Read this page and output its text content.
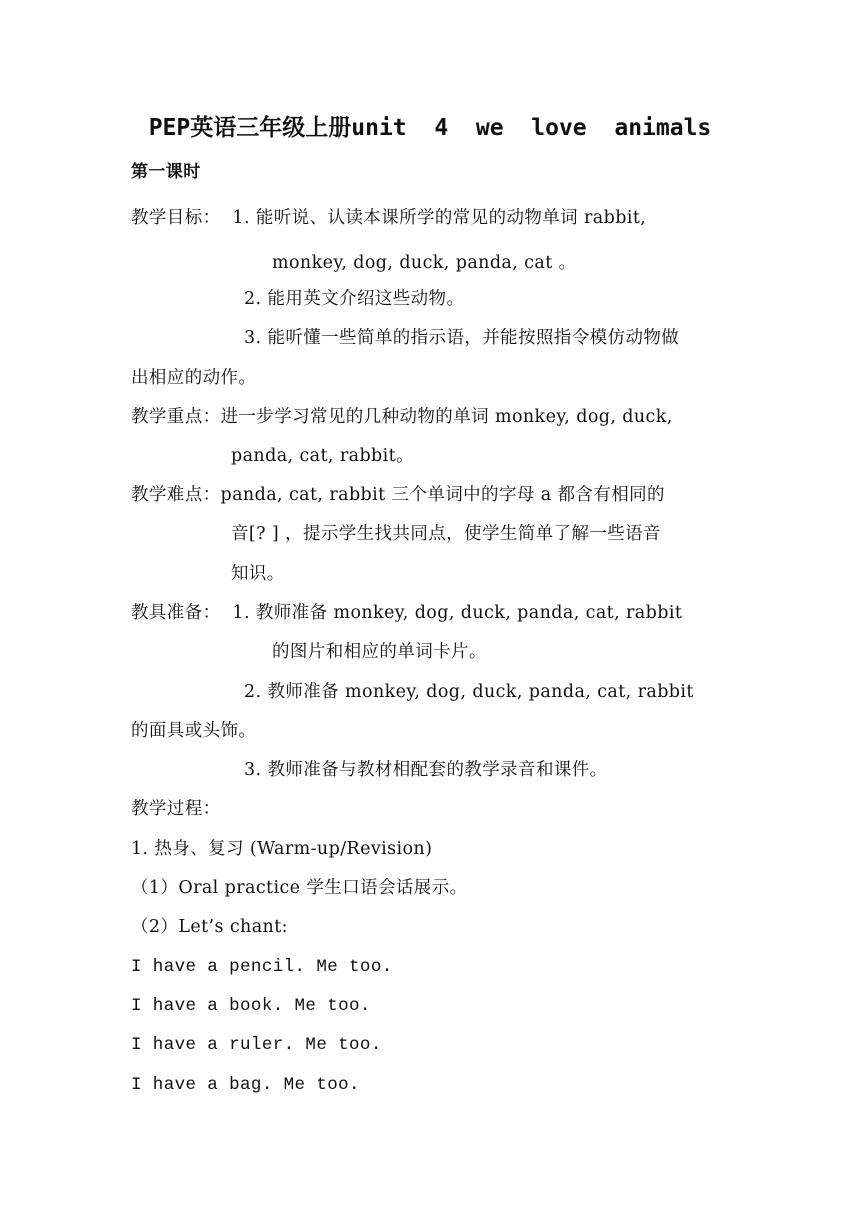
PEP英语三年级上册unit  4  we  love  animals
第一课时
教学目标：  1. 能听说、认读本课所学的常见的动物单词 rabbit,
monkey, dog, duck, panda, cat 。
2. 能用英文介绍这些动物。
3. 能听懂一些简单的指示语，并能按照指令模仿动物做
出相应的动作。
教学重点：进一步学习常见的几种动物的单词 monkey, dog, duck,
panda, cat, rabbit。
教学难点：panda, cat, rabbit 三个单词中的字母 a 都含有相同的
音[? ] ，提示学生找共同点，使学生简单了解一些语音
知识。
教具准备：  1. 教师准备 monkey, dog, duck, panda, cat, rabbit
的图片和相应的单词卡片。
2. 教师准备 monkey, dog, duck, panda, cat, rabbit
的面具或头饰。
3. 教师准备与教材相配套的教学录音和课件。
教学过程：
1. 热身、复习 (Warm-up/Revision)
（1）Oral practice 学生口语会话展示。
（2）Let’s chant:
I have a pencil. Me too.
I have a book. Me too.
I have a ruler. Me too.
I have a bag. Me too.
